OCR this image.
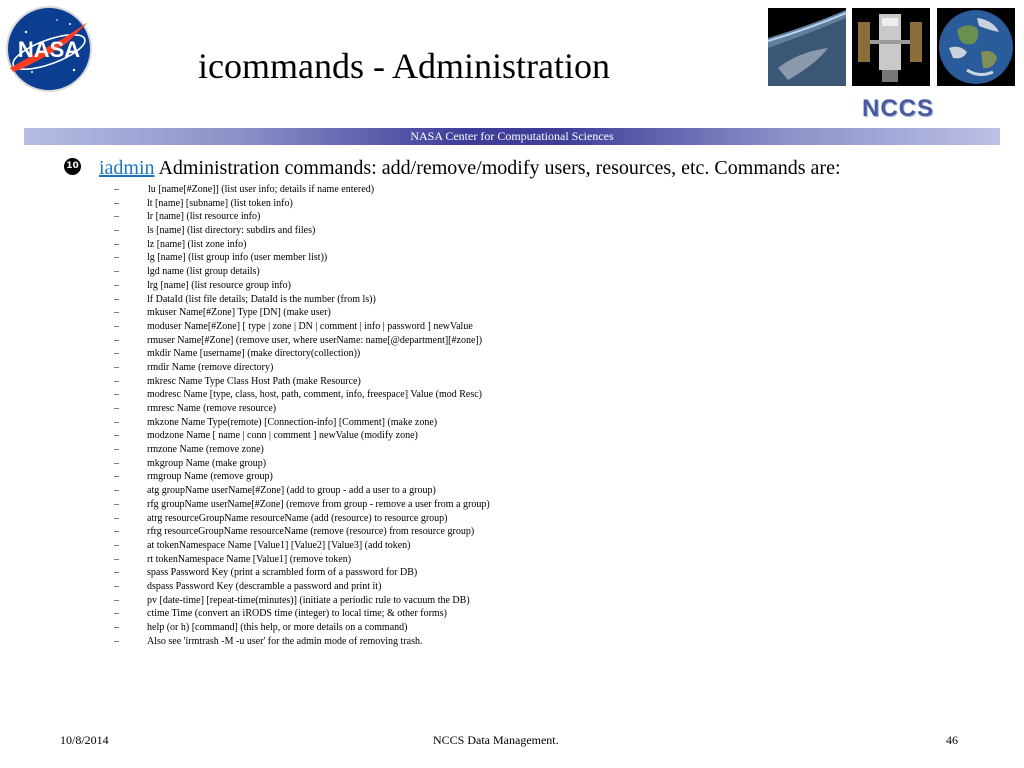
NASA	icommands - Administration
NCCS
NASA Center for Computational Sciences
10 iadmin Administration commands: add/remove/modify users, resources, etc. Commands are:
–	lu [name[#Zone]] (list user info; details if name entered)
–	lt [name] [subname] (list token info)
–	lr [name] (list resource info)
–	ls [name] (list directory: subdirs and files)
–	lz [name] (list zone info)
–	lg [name] (list group info (user member list))
–	lgd name (list group details)
–	lrg [name] (list resource group info)
–	lf DataId (list file details; DataId is the number (from ls))
–	mkuser Name[#Zone] Type [DN] (make user)
–	moduser Name[#Zone] [ type | zone | DN | comment | info | password ] newValue
–	rmuser Name[#Zone] (remove user, where userName: name[@department][#zone])
–	mkdir Name [username] (make directory(collection))
–	rmdir Name (remove directory)
–	mkresc Name Type Class Host Path (make Resource)
–	modresc Name [type, class, host, path, comment, info, freespace] Value (mod Resc)
–	rmresc Name (remove resource)
–	mkzone Name Type(remote) [Connection-info] [Comment] (make zone)
–	modzone Name [ name | conn | comment ] newValue (modify zone)
–	rmzone Name (remove zone)
–	mkgroup Name (make group)
–	rmgroup Name (remove group)
–	atg groupName userName[#Zone] (add to group - add a user to a group)
–	rfg groupName userName[#Zone] (remove from group - remove a user from a group)
–	atrg resourceGroupName resourceName (add (resource) to resource group)
–	rfrg resourceGroupName resourceName (remove (resource) from resource group)
–	at tokenNamespace Name [Value1] [Value2] [Value3] (add token)
–	rt tokenNamespace Name [Value1] (remove token)
–	spass Password Key (print a scrambled form of a password for DB)
–	dspass Password Key (descramble a password and print it)
–	pv [date-time] [repeat-time(minutes)] (initiate a periodic rule to vacuum the DB)
–	ctime Time (convert an iRODS time (integer) to local time; & other forms)
–	help (or h) [command] (this help, or more details on a command)
–	Also see 'irmtrash -M -u user' for the admin mode of removing trash.
10/8/2014	NCCS Data Management.	46
